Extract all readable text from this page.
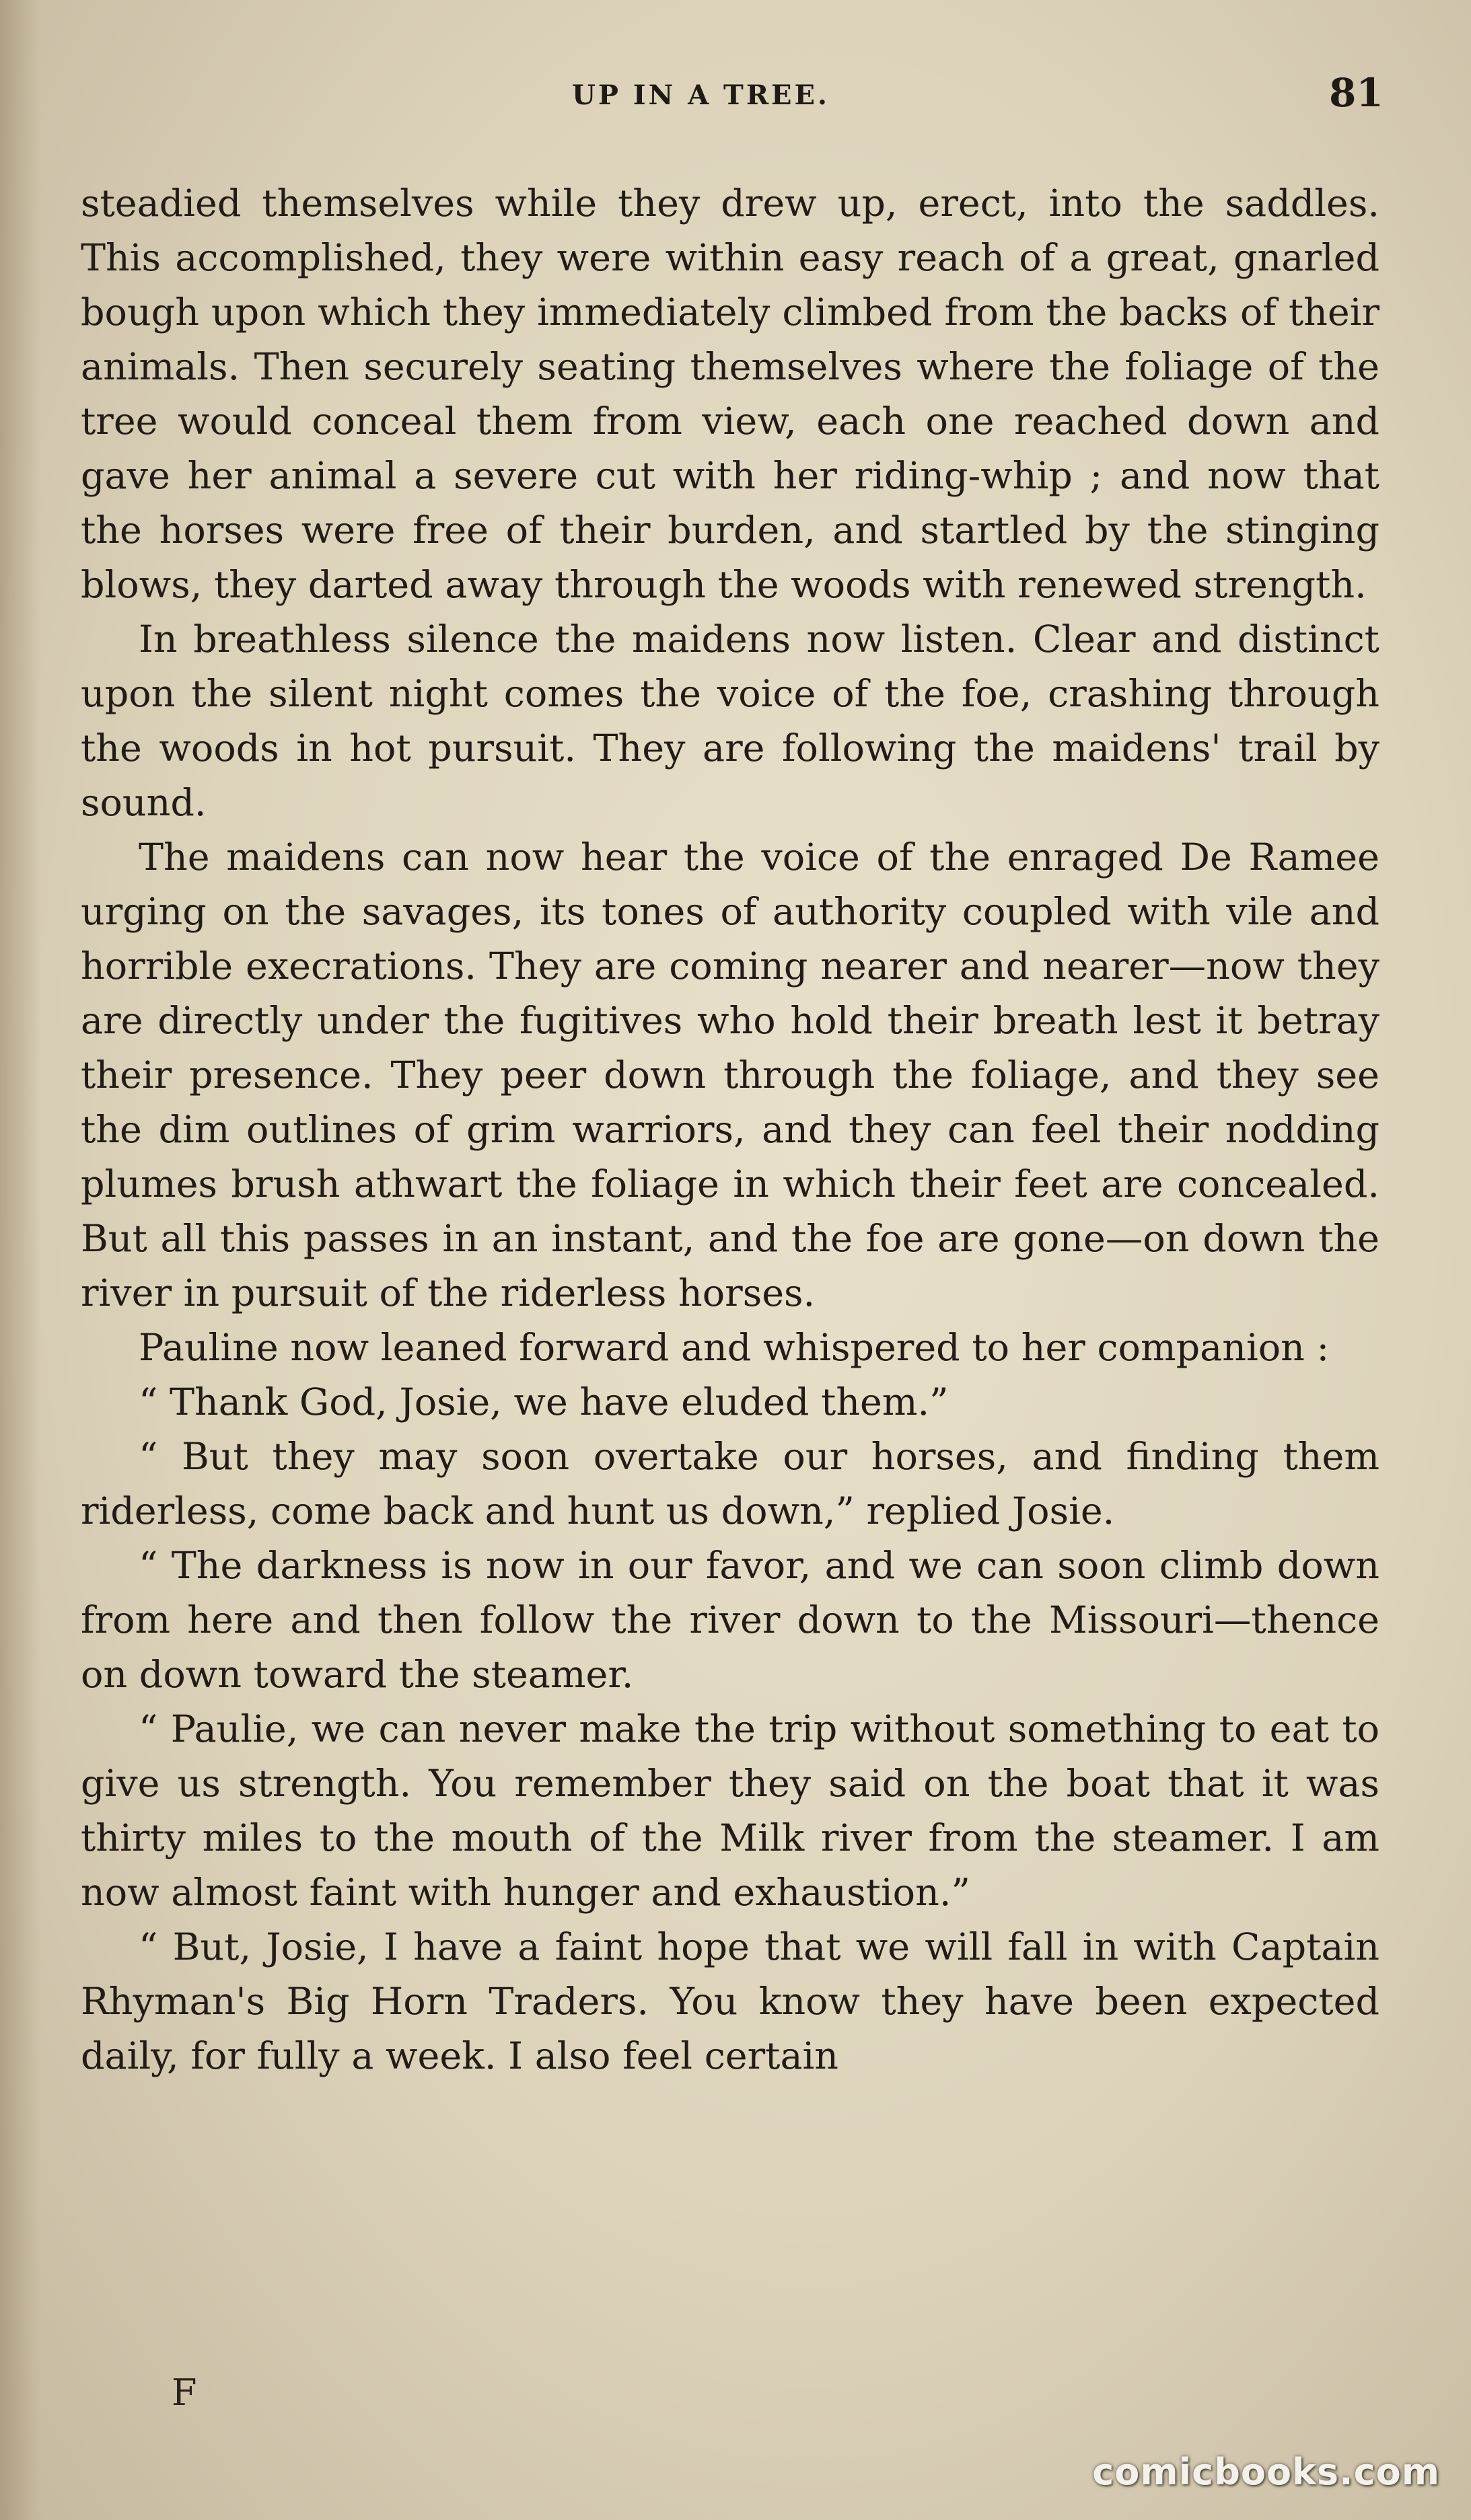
UP IN A TREE.	81

steadied themselves while they drew up, erect, into the saddles. This accomplished, they were within easy reach of a great, gnarled bough upon which they immediately climbed from the backs of their animals. Then securely seating themselves where the foliage of the tree would conceal them from view, each one reached down and gave her animal a severe cut with her riding-whip ; and now that the horses were free of their burden, and startled by the stinging blows, they darted away through the woods with renewed strength.

In breathless silence the maidens now listen. Clear and distinct upon the silent night comes the voice of the foe, crashing through the woods in hot pursuit. They are following the maidens' trail by sound.

The maidens can now hear the voice of the enraged De Ramee urging on the savages, its tones of authority coupled with vile and horrible execrations. They are coming nearer and nearer—now they are directly under the fugitives who hold their breath lest it betray their presence. They peer down through the foliage, and they see the dim outlines of grim warriors, and they can feel their nodding plumes brush athwart the foliage in which their feet are concealed. But all this passes in an instant, and the foe are gone—on down the river in pursuit of the riderless horses.

Pauline now leaned forward and whispered to her companion :

“ Thank God, Josie, we have eluded them.”

“ But they may soon overtake our horses, and finding them riderless, come back and hunt us down,” replied Josie.

“ The darkness is now in our favor, and we can soon climb down from here and then follow the river down to the Missouri—thence on down toward the steamer.

“ Paulie, we can never make the trip without something to eat to give us strength. You remember they said on the boat that it was thirty miles to the mouth of the Milk river from the steamer. I am now almost faint with hunger and exhaustion.”

“ But, Josie, I have a faint hope that we will fall in with Captain Rhyman's Big Horn Traders. You know they have been expected daily, for fully a week. I also feel certain

F
comicbooks.com
